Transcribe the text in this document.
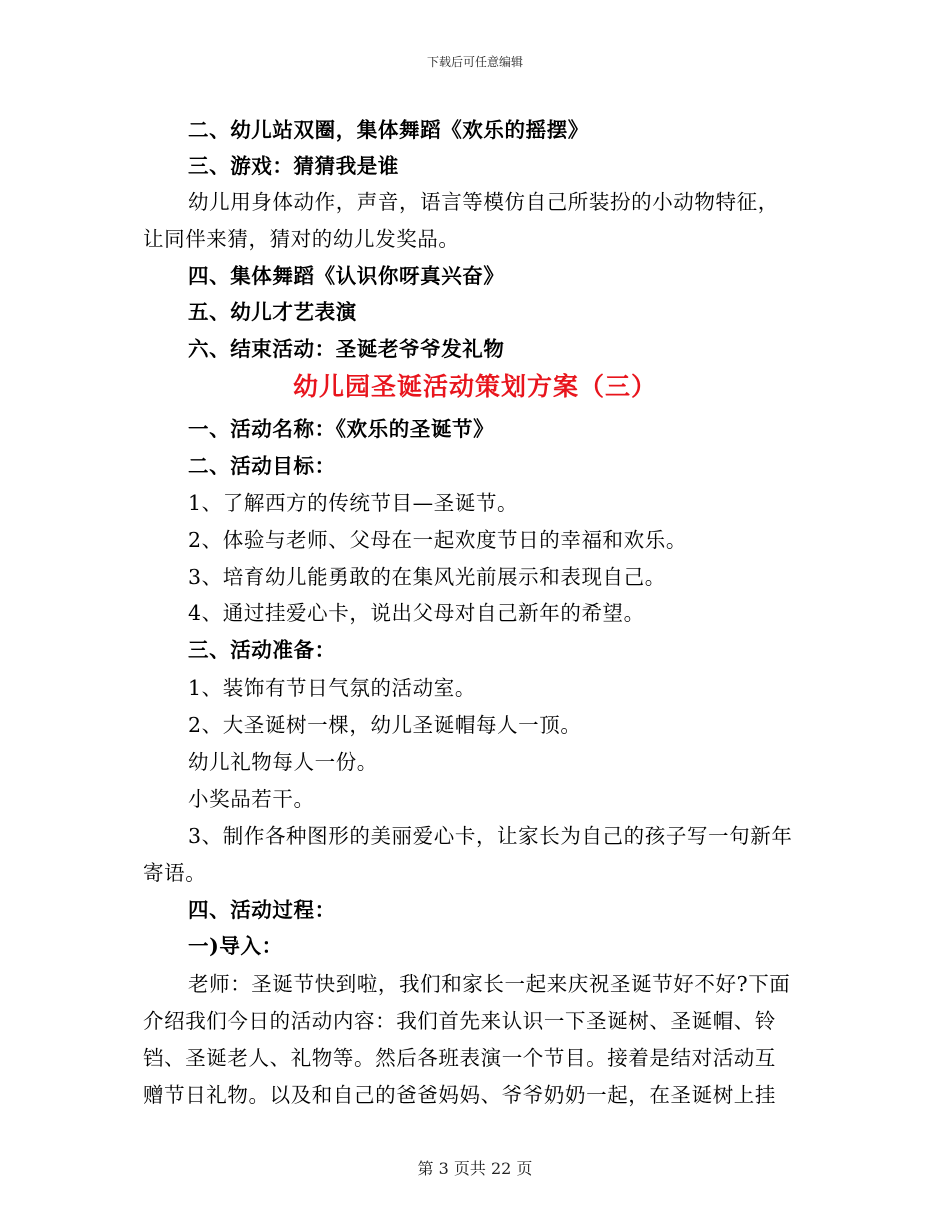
下载后可任意编辑
二、幼儿站双圈，集体舞蹈《欢乐的摇摆》
三、游戏：猜猜我是谁
幼儿用身体动作，声音，语言等模仿自己所装扮的小动物特征，
让同伴来猜，猜对的幼儿发奖品。
四、集体舞蹈《认识你呀真兴奋》
五、幼儿才艺表演
六、结束活动：圣诞老爷爷发礼物
幼儿园圣诞活动策划方案（三）
一、活动名称：《欢乐的圣诞节》
二、活动目标：
1、了解西方的传统节目—圣诞节。
2、体验与老师、父母在一起欢度节日的幸福和欢乐。
3、培育幼儿能勇敢的在集风光前展示和表现自己。
4、通过挂爱心卡，说出父母对自己新年的希望。
三、活动准备：
1、装饰有节日气氛的活动室。
2、大圣诞树一棵，幼儿圣诞帽每人一顶。
幼儿礼物每人一份。
小奖品若干。
3、制作各种图形的美丽爱心卡，让家长为自己的孩子写一句新年
寄语。
四、活动过程：
一)导入：
老师：圣诞节快到啦，我们和家长一起来庆祝圣诞节好不好?下面
介绍我们今日的活动内容：我们首先来认识一下圣诞树、圣诞帽、铃
铛、圣诞老人、礼物等。然后各班表演一个节目。接着是结对活动互
赠节日礼物。以及和自己的爸爸妈妈、爷爷奶奶一起，在圣诞树上挂
第 3 页共 22 页
